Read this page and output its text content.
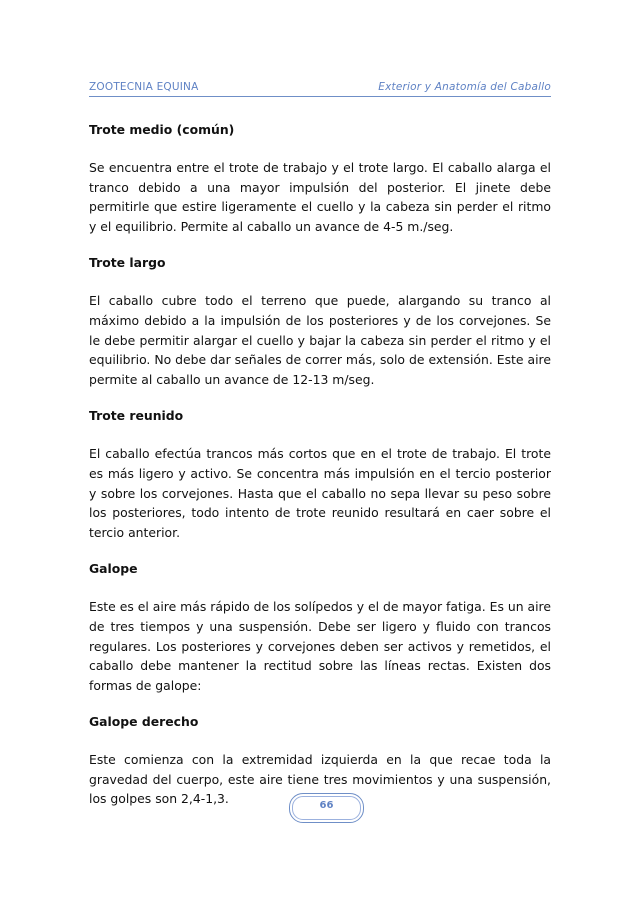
ZOOTECNIA EQUINA	Exterior y Anatomía del Caballo
Trote medio (común)
Se encuentra entre el trote de trabajo y el trote largo. El caballo alarga el tranco debido a una mayor impulsión del posterior. El jinete debe permitirle que estire ligeramente el cuello y la cabeza sin perder el ritmo y el equilibrio. Permite al caballo un avance de 4-5 m./seg.
Trote largo
El caballo cubre todo el terreno que puede, alargando su tranco al máximo debido a la impulsión de los posteriores y de los corvejones. Se le debe permitir alargar el cuello y bajar la cabeza sin perder el ritmo y el equilibrio. No debe dar señales de correr más, solo de extensión. Este aire permite al caballo un avance de 12-13 m/seg.
Trote reunido
El caballo efectúa trancos más cortos que en el trote de trabajo. El trote es más ligero y activo. Se concentra más impulsión en el tercio posterior y sobre los corvejones. Hasta que el caballo no sepa llevar su peso sobre los posteriores, todo intento de trote reunido resultará en caer sobre el tercio anterior.
Galope
Este es el aire más rápido de los solípedos y el de mayor fatiga. Es un aire de tres tiempos y una suspensión. Debe ser ligero y fluido con trancos regulares. Los posteriores y corvejones deben ser activos y remetidos, el caballo debe mantener la rectitud sobre las líneas rectas. Existen dos formas de galope:
Galope derecho
Este comienza con la extremidad izquierda en la que recae toda la gravedad del cuerpo, este aire tiene tres movimientos y una suspensión, los golpes son 2,4-1,3.	66
